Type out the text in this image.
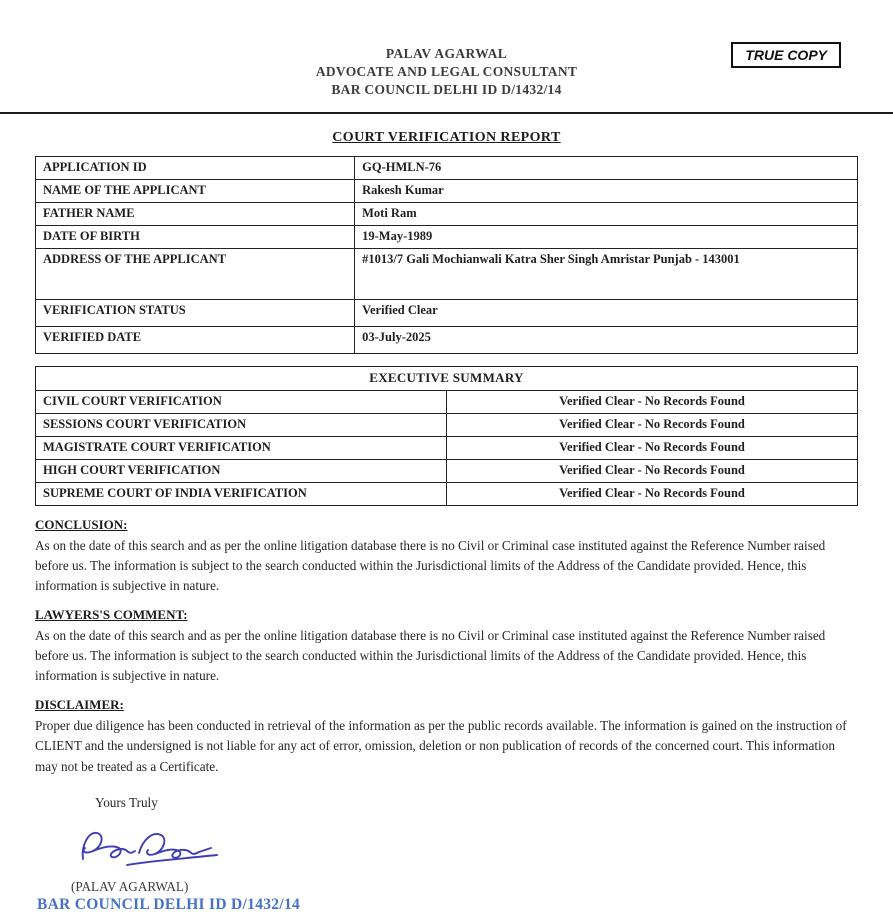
TRUE COPY
PALAV AGARWAL
ADVOCATE AND LEGAL CONSULTANT
BAR COUNCIL DELHI ID D/1432/14
COURT VERIFICATION REPORT
APPLICATION ID	GQ-HMLN-76
NAME OF THE APPLICANT	Rakesh Kumar
FATHER NAME	Moti Ram
DATE OF BIRTH	19-May-1989
ADDRESS OF THE APPLICANT	#1013/7 Gali Mochianwali Katra Sher Singh Amristar Punjab - 143001
VERIFICATION STATUS	Verified Clear
VERIFIED DATE	03-July-2025
EXECUTIVE SUMMARY	
CIVIL COURT VERIFICATION	Verified Clear - No Records Found
SESSIONS COURT VERIFICATION	Verified Clear - No Records Found
MAGISTRATE COURT VERIFICATION	Verified Clear - No Records Found
HIGH COURT VERIFICATION	Verified Clear - No Records Found
SUPREME COURT OF INDIA VERIFICATION	Verified Clear - No Records Found
CONCLUSION:

As on the date of this search and as per the online litigation database there is no Civil or Criminal case instituted against the Reference Number raised before us. The information is subject to the search conducted within the Jurisdictional limits of the Address of the Candidate provided. Hence, this information is subjective in nature.

LAWYERS'S COMMENT:

As on the date of this search and as per the online litigation database there is no Civil or Criminal case instituted against the Reference Number raised before us. The information is subject to the search conducted within the Jurisdictional limits of the Address of the Candidate provided. Hence, this information is subjective in nature.

DISCLAIMER:

Proper due diligence has been conducted in retrieval of the information as per the public records available. The information is gained on the instruction of CLIENT and the undersigned is not liable for any act of error, omission, deletion or non publication of records of the concerned court. This information may not be treated as a Certificate.

Yours Truly
(PALAV AGARWAL)
BAR COUNCIL DELHI ID D/1432/14
